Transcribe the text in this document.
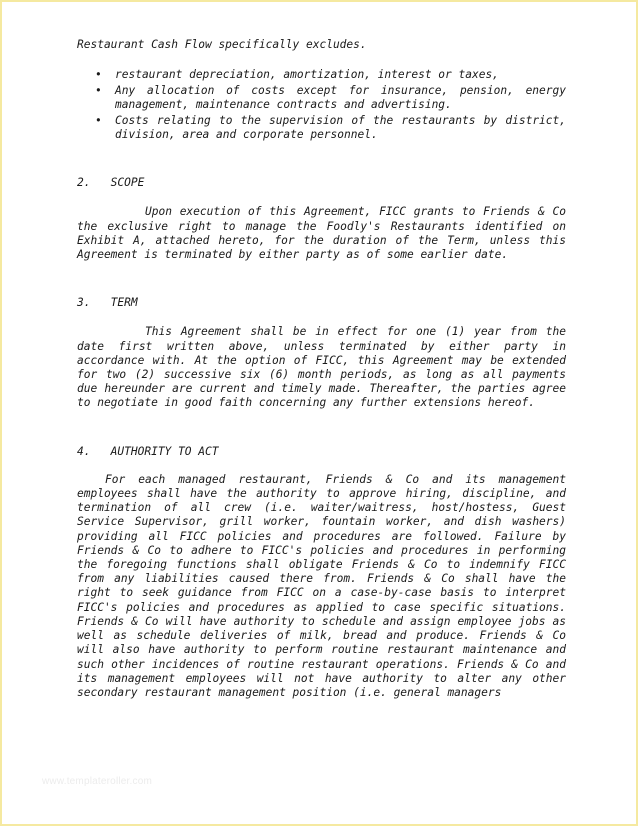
Restaurant Cash Flow specifically excludes.

• restaurant depreciation, amortization, interest or taxes,
• Any allocation of costs except for insurance, pension, energy management, maintenance contracts and advertising.
• Costs relating to the supervision of the restaurants by district, division, area and corporate personnel.

2.   SCOPE

Upon execution of this Agreement, FICC grants to Friends & Co the exclusive right to manage the Foodly's Restaurants identified on Exhibit A, attached hereto, for the duration of the Term, unless this Agreement is terminated by either party as of some earlier date.

3.   TERM

This Agreement shall be in effect for one (1) year from the date first written above, unless terminated by either party in accordance with. At the option of FICC, this Agreement may be extended for two (2) successive six (6) month periods, as long as all payments due hereunder are current and timely made. Thereafter, the parties agree to negotiate in good faith concerning any further extensions hereof.

4.   AUTHORITY TO ACT

For each managed restaurant, Friends & Co and its management employees shall have the authority to approve hiring, discipline, and termination of all crew (i.e. waiter/waitress, host/hostess, Guest Service Supervisor, grill worker, fountain worker, and dish washers) providing all FICC policies and procedures are followed. Failure by Friends & Co to adhere to FICC's policies and procedures in performing the foregoing functions shall obligate Friends & Co to indemnify FICC from any liabilities caused there from. Friends & Co shall have the right to seek guidance from FICC on a case-by-case basis to interpret FICC's policies and procedures as applied to case specific situations. Friends & Co will have authority to schedule and assign employee jobs as well as schedule deliveries of milk, bread and produce. Friends & Co will also have authority to perform routine restaurant maintenance and such other incidences of routine restaurant operations. Friends & Co and its management employees will not have authority to alter any other secondary restaurant management position (i.e. general managers

www.templateroller.com
